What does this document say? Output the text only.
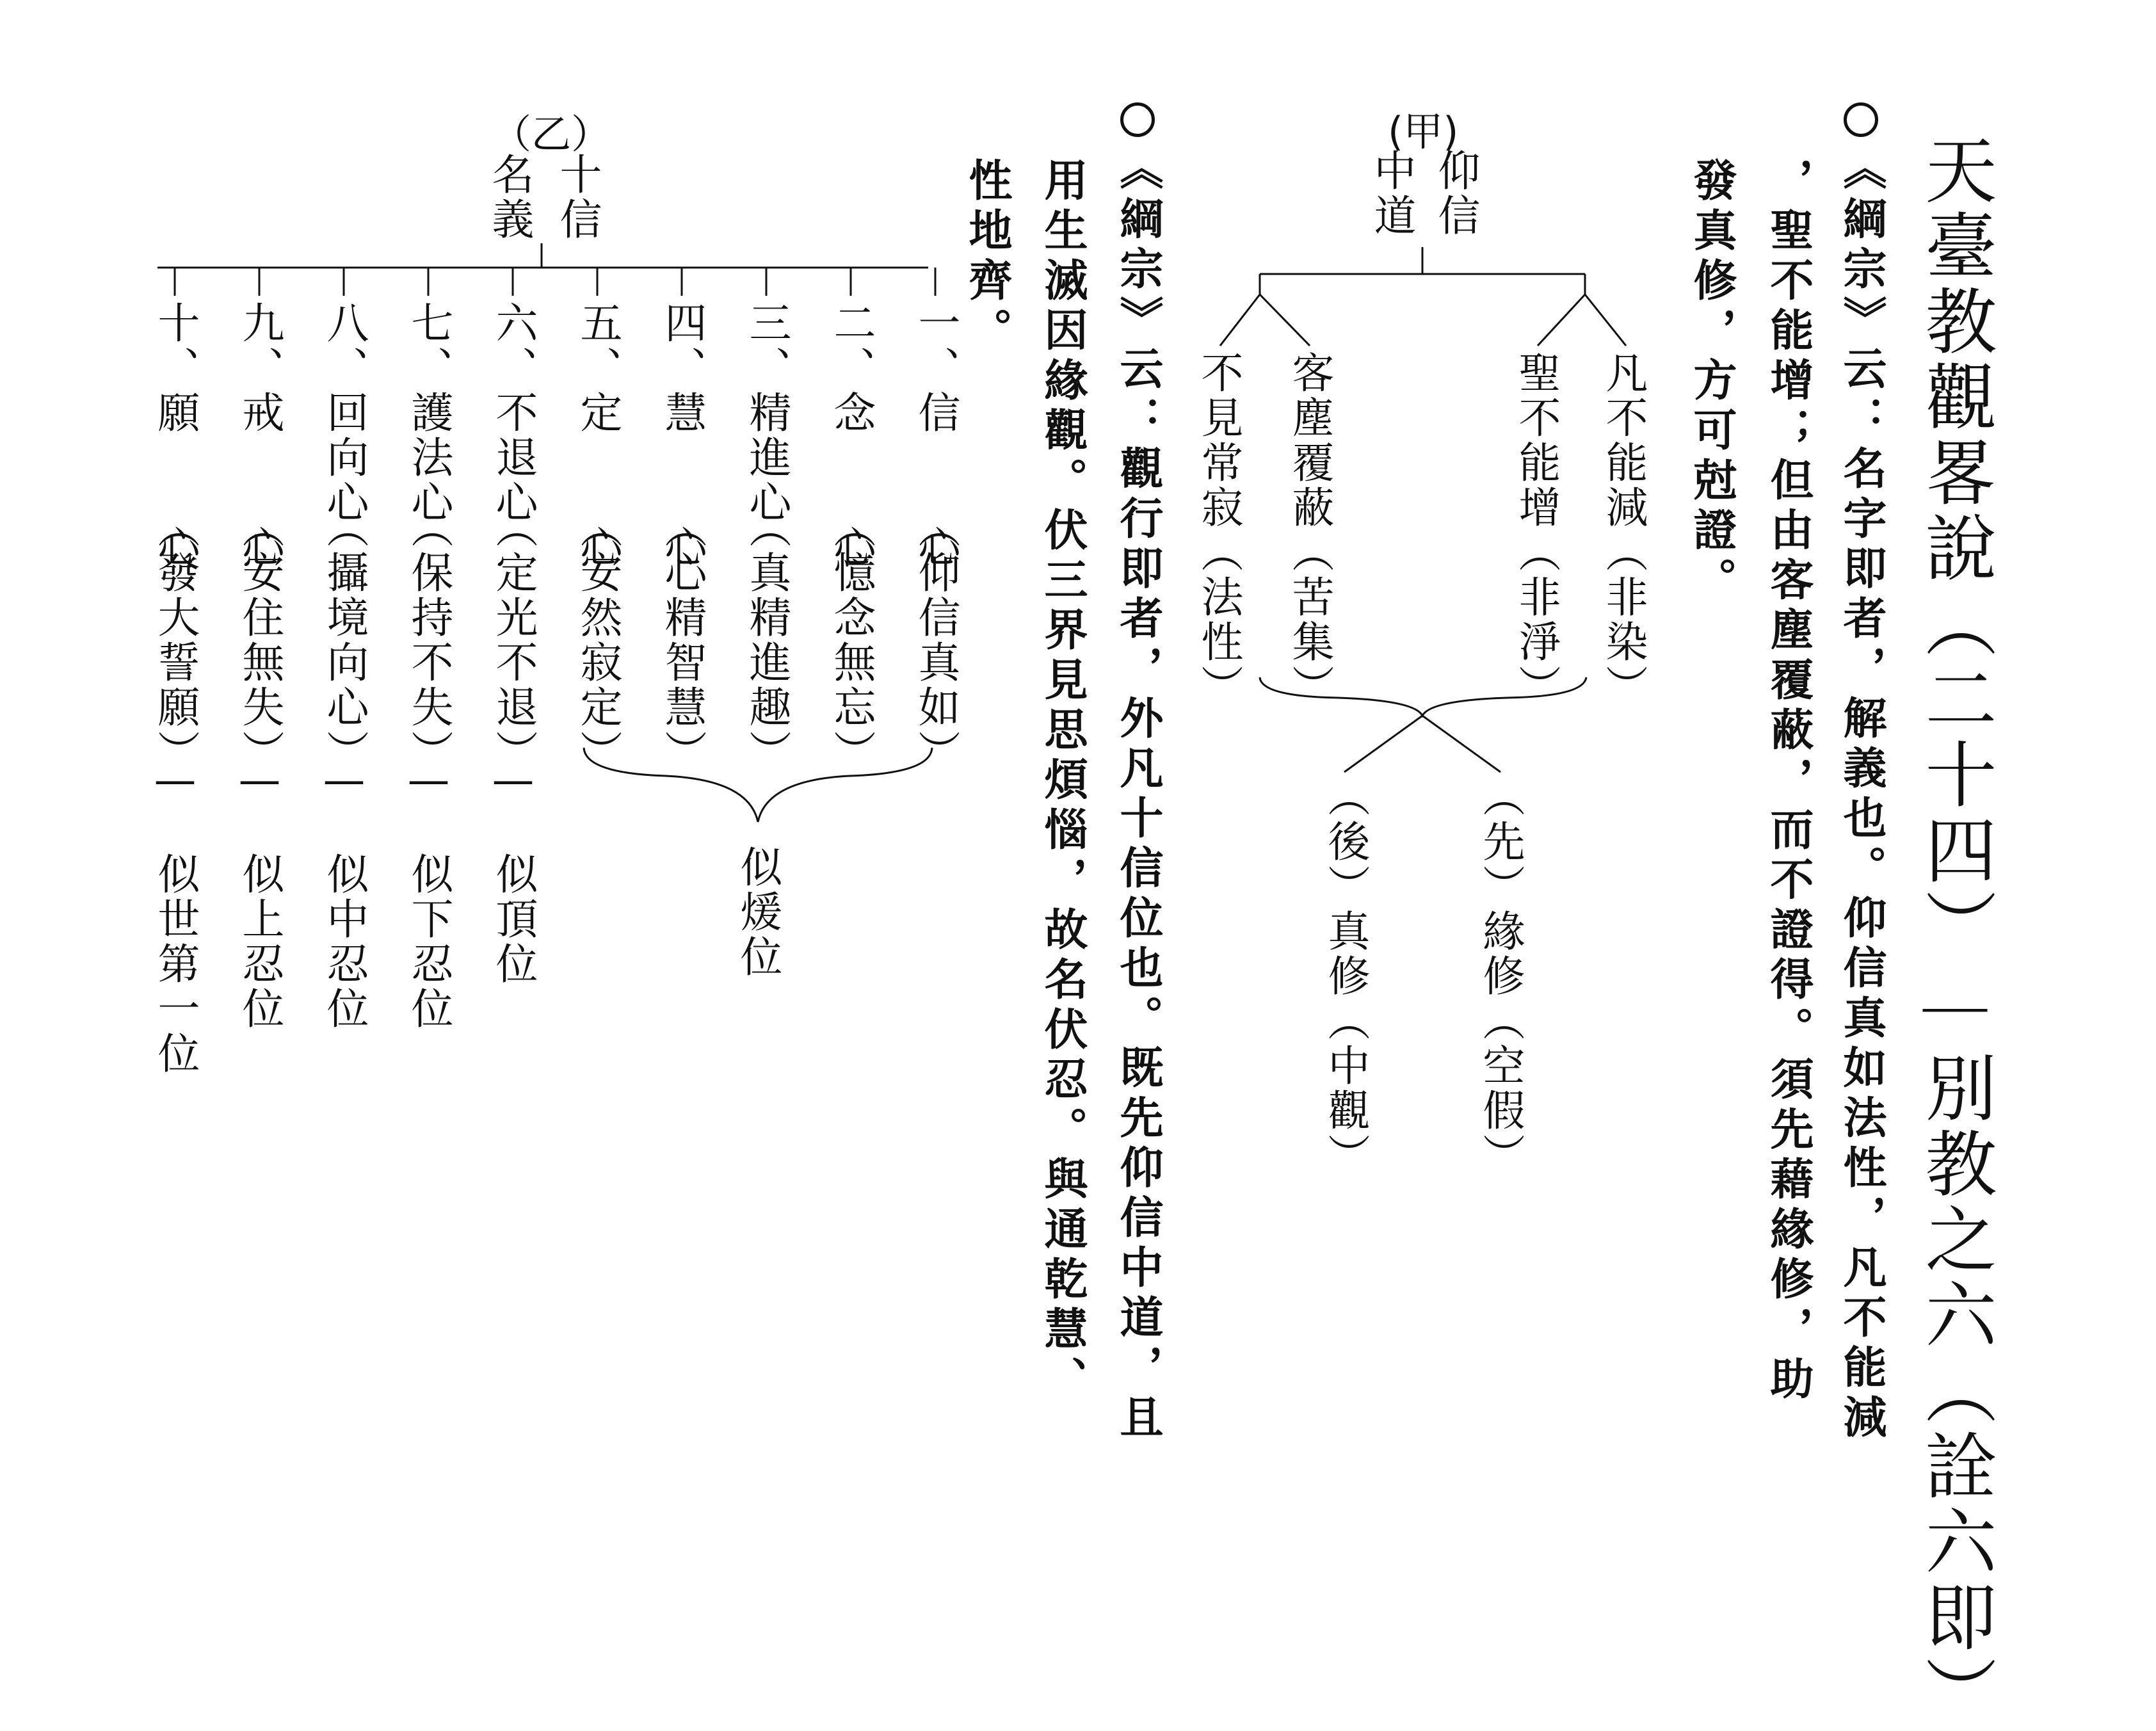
天臺教觀畧說（二十四）—別教之六（詮六即）
《綱宗》云：名字即者，解義也。仰信真如法性，凡不能減
，聖不能增；但由客塵覆蔽，而不證得。須先藉緣修，助
發真修，方可尅證。
(甲)
仰信
中道
凡不能減（非染）
聖不能增（非淨）
客塵覆蔽（苦集）
不見常寂（法性）
（先）緣修（空假）
（後）真修（中觀）
《綱宗》云：觀行即者，外凡十信位也。既先仰信中道，且
用生滅因緣觀。伏三界見思煩惱，故名伏忍。與通乾慧、
性地齊。
（乙）
十信
名義
一、信　　心
（仰信真如）
二、念　　心
（憶念無忘）
三、精進心
（真精進趣）
四、慧　　心
（心精智慧）
五、定　　心
（安然寂定）
六、不退心
（定光不退）
—　似頂位
七、護法心
（保持不失）
—　似下忍位
八、回向心
（攝境向心）
—　似中忍位
九、戒　　心
（安住無失）
—　似上忍位
十、願　　心
（發大誓願）
—　似世第一位	似煖位
